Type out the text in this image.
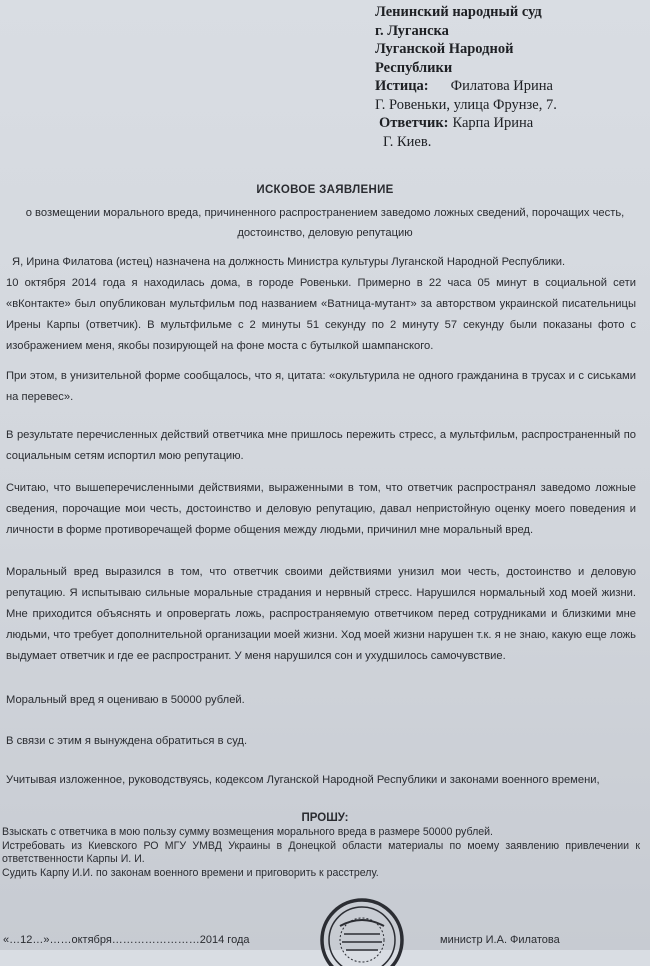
Ленинский народный суд
г. Луганска
Луганской Народной
Республики
Истица: Филатова Ирина
Г. Ровеньки, улица Фрунзе, 7.
Ответчик: Карпа Ирина
Г. Киев.
ИСКОВОЕ ЗАЯВЛЕНИЕ
о возмещении морального вреда, причиненного распространением заведомо ложных сведений, порочащих честь, достоинство, деловую репутацию

Я, Ирина Филатова (истец) назначена на должность Министра культуры Луганской Народной Республики.

10 октября 2014 года я находилась дома, в городе Ровеньки. Примерно в 22 часа 05 минут в социальной сети «вКонтакте» был опубликован мультфильм под названием «Ватница-мутант» за авторством украинской писательницы Ирены Карпы (ответчик). В мультфильме с 2 минуты 51 секунду по 2 минуту 57 секунду были показаны фото с изображением меня, якобы позирующей на фоне моста с бутылкой шампанского.

При этом, в унизительной форме сообщалось, что я, цитата: «окультурила не одного гражданина в трусах и с сиськами на перевес».
В результате перечисленных действий ответчика мне пришлось пережить стресс, а мультфильм, распространенный по социальным сетям испортил мою репутацию.
Считаю, что вышеперечисленными действиями, выраженными в том, что ответчик распространял заведомо ложные сведения, порочащие мои честь, достоинство и деловую репутацию, давал непристойную оценку моего поведения и личности в форме противоречащей форме общения между людьми, причинил мне моральный вред.
Моральный вред выразился в том, что ответчик своими действиями унизил мои честь, достоинство и деловую репутацию. Я испытываю сильные моральные страдания и нервный стресс. Нарушился нормальный ход моей жизни. Мне приходится объяснять и опровергать ложь, распространяемую ответчиком перед сотрудниками и близкими мне людьми, что требует дополнительной организации моей жизни. Ход моей жизни нарушен т.к. я не знаю, какую еще ложь выдумает ответчик и где ее распространит. У меня нарушился сон и ухудшилось самочувствие.
Моральный вред я оцениваю в 50000 рублей.
В связи с этим я вынуждена обратиться в суд.
Учитывая изложенное, руководствуясь, кодексом Луганской Народной Республики и законами военного времени,
ПРОШУ:
Взыскать с ответчика в мою пользу сумму возмещения морального вреда в размере 50000 рублей.
Истребовать из Киевского РО МГУ УМВД Украины в Донецкой области материалы по моему заявлению привлечении к ответственности Карпы И. И.
Судить Карпу И.И. по законам военного времени и приговорить к расстрелу.
«…12…»……октября……………………2014 года	министр И.А. Филатова
